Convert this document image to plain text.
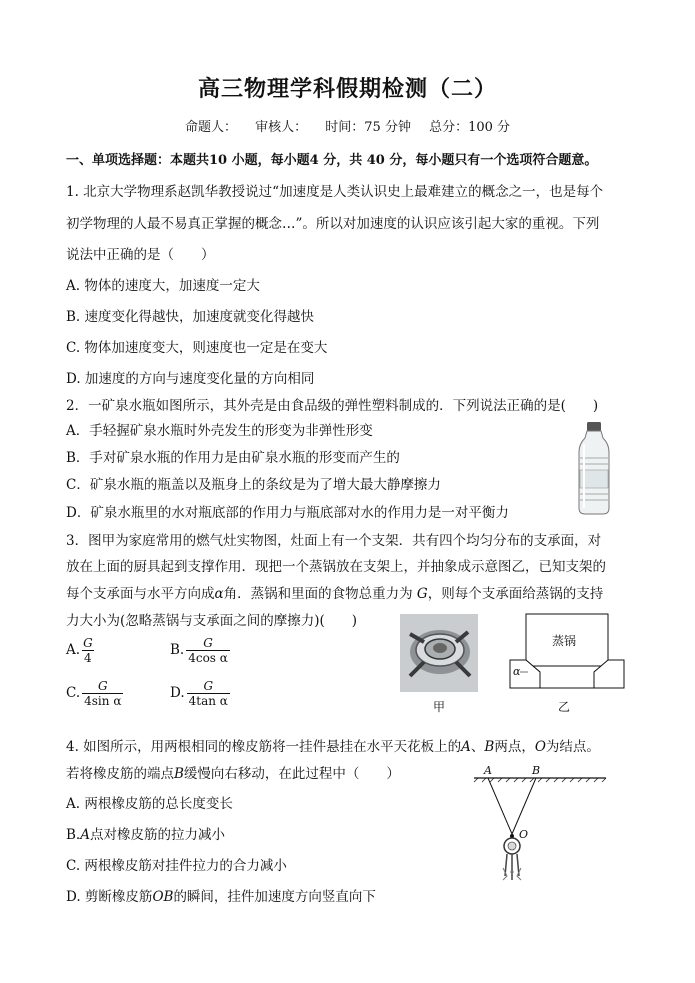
高三物理学科假期检测（二）
命题人： 审核人： 时间：75 分钟 总分：100 分
一、单项选择题：本题共10 小题，每小题4 分，共 40 分，每小题只有一个选项符合题意。
1. 北京大学物理系赵凯华教授说过“加速度是人类认识史上最难建立的概念之一，也是每个
初学物理的人最不易真正掌握的概念…”。所以对加速度的认识应该引起大家的重视。下列
说法中正确的是（　　）
A. 物体的速度大，加速度一定大
B. 速度变化得越快，加速度就变化得越快
C. 物体加速度变大，则速度也一定是在变大
D. 加速度的方向与速度变化量的方向相同
2．一矿泉水瓶如图所示，其外壳是由食品级的弹性塑料制成的．下列说法正确的是(　　)
A．手轻握矿泉水瓶时外壳发生的形变为非弹性形变
B．手对矿泉水瓶的作用力是由矿泉水瓶的形变而产生的
C．矿泉水瓶的瓶盖以及瓶身上的条纹是为了增大最大静摩擦力
D．矿泉水瓶里的水对瓶底部的作用力与瓶底部对水的作用力是一对平衡力
3．图甲为家庭常用的燃气灶实物图，灶面上有一个支架．共有四个均匀分布的支承面，对
放在上面的厨具起到支撑作用．现把一个蒸锅放在支架上，并抽象成示意图乙，已知支架的
每个支承面与水平方向成α角．蒸锅和里面的食物总重力为 G，则每个支承面给蒸锅的支持
力大小为(忽略蒸锅与支承面之间的摩擦力)(　　)
A. $\frac{G}{4}$	B. $\frac{G}{\text{4cos α}}$
C. $\frac{G}{\text{4sin α}}$	D. $\frac{G}{\text{4tan α}}$	甲
蒸锅
α
乙
4. 如图所示，用两根相同的橡皮筋将一挂件悬挂在水平天花板上的A、B两点，O为结点。
若将橡皮筋的端点B缓慢向右移动，在此过程中（　　）
A. 两根橡皮筋的总长度变长
B.A点对橡皮筋的拉力减小
C. 两根橡皮筋对挂件拉力的合力减小
D. 剪断橡皮筋OB的瞬间，挂件加速度方向竖直向下
A	B
O
